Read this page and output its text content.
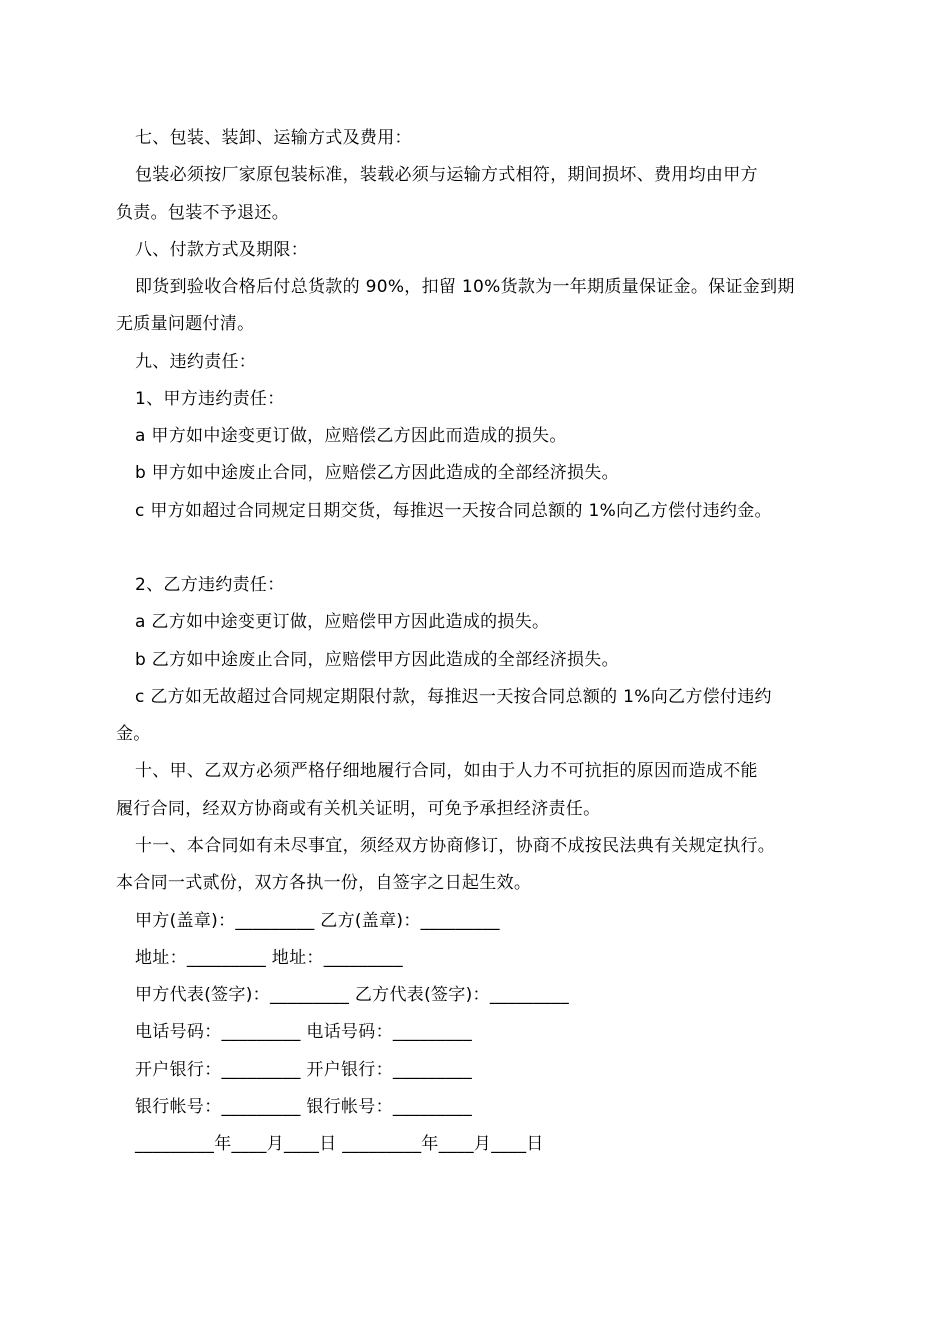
七、包装、装卸、运输方式及费用：
包装必须按厂家原包装标准，装载必须与运输方式相符，期间损坏、费用均由甲方
负责。包装不予退还。
八、付款方式及期限：
即货到验收合格后付总货款的 90%，扣留 10%货款为一年期质量保证金。保证金到期
无质量问题付清。
九、违约责任：
1、甲方违约责任：
a 甲方如中途变更订做，应赔偿乙方因此而造成的损失。
b 甲方如中途废止合同，应赔偿乙方因此造成的全部经济损失。
c 甲方如超过合同规定日期交货，每推迟一天按合同总额的 1%向乙方偿付违约金。
2、乙方违约责任：
a 乙方如中途变更订做，应赔偿甲方因此造成的损失。
b 乙方如中途废止合同，应赔偿甲方因此造成的全部经济损失。
c 乙方如无故超过合同规定期限付款，每推迟一天按合同总额的 1%向乙方偿付违约
金。
十、甲、乙双方必须严格仔细地履行合同，如由于人力不可抗拒的原因而造成不能
履行合同，经双方协商或有关机关证明，可免予承担经济责任。
十一、本合同如有未尽事宜，须经双方协商修订，协商不成按民法典有关规定执行。
本合同一式贰份，双方各执一份，自签字之日起生效。
甲方(盖章)：_________ 乙方(盖章)：_________
地址：_________ 地址：_________
甲方代表(签字)：_________ 乙方代表(签字)：_________
电话号码：_________ 电话号码：_________
开户银行：_________ 开户银行：_________
银行帐号：_________ 银行帐号：_________
_________年____月____日 _________年____月____日
